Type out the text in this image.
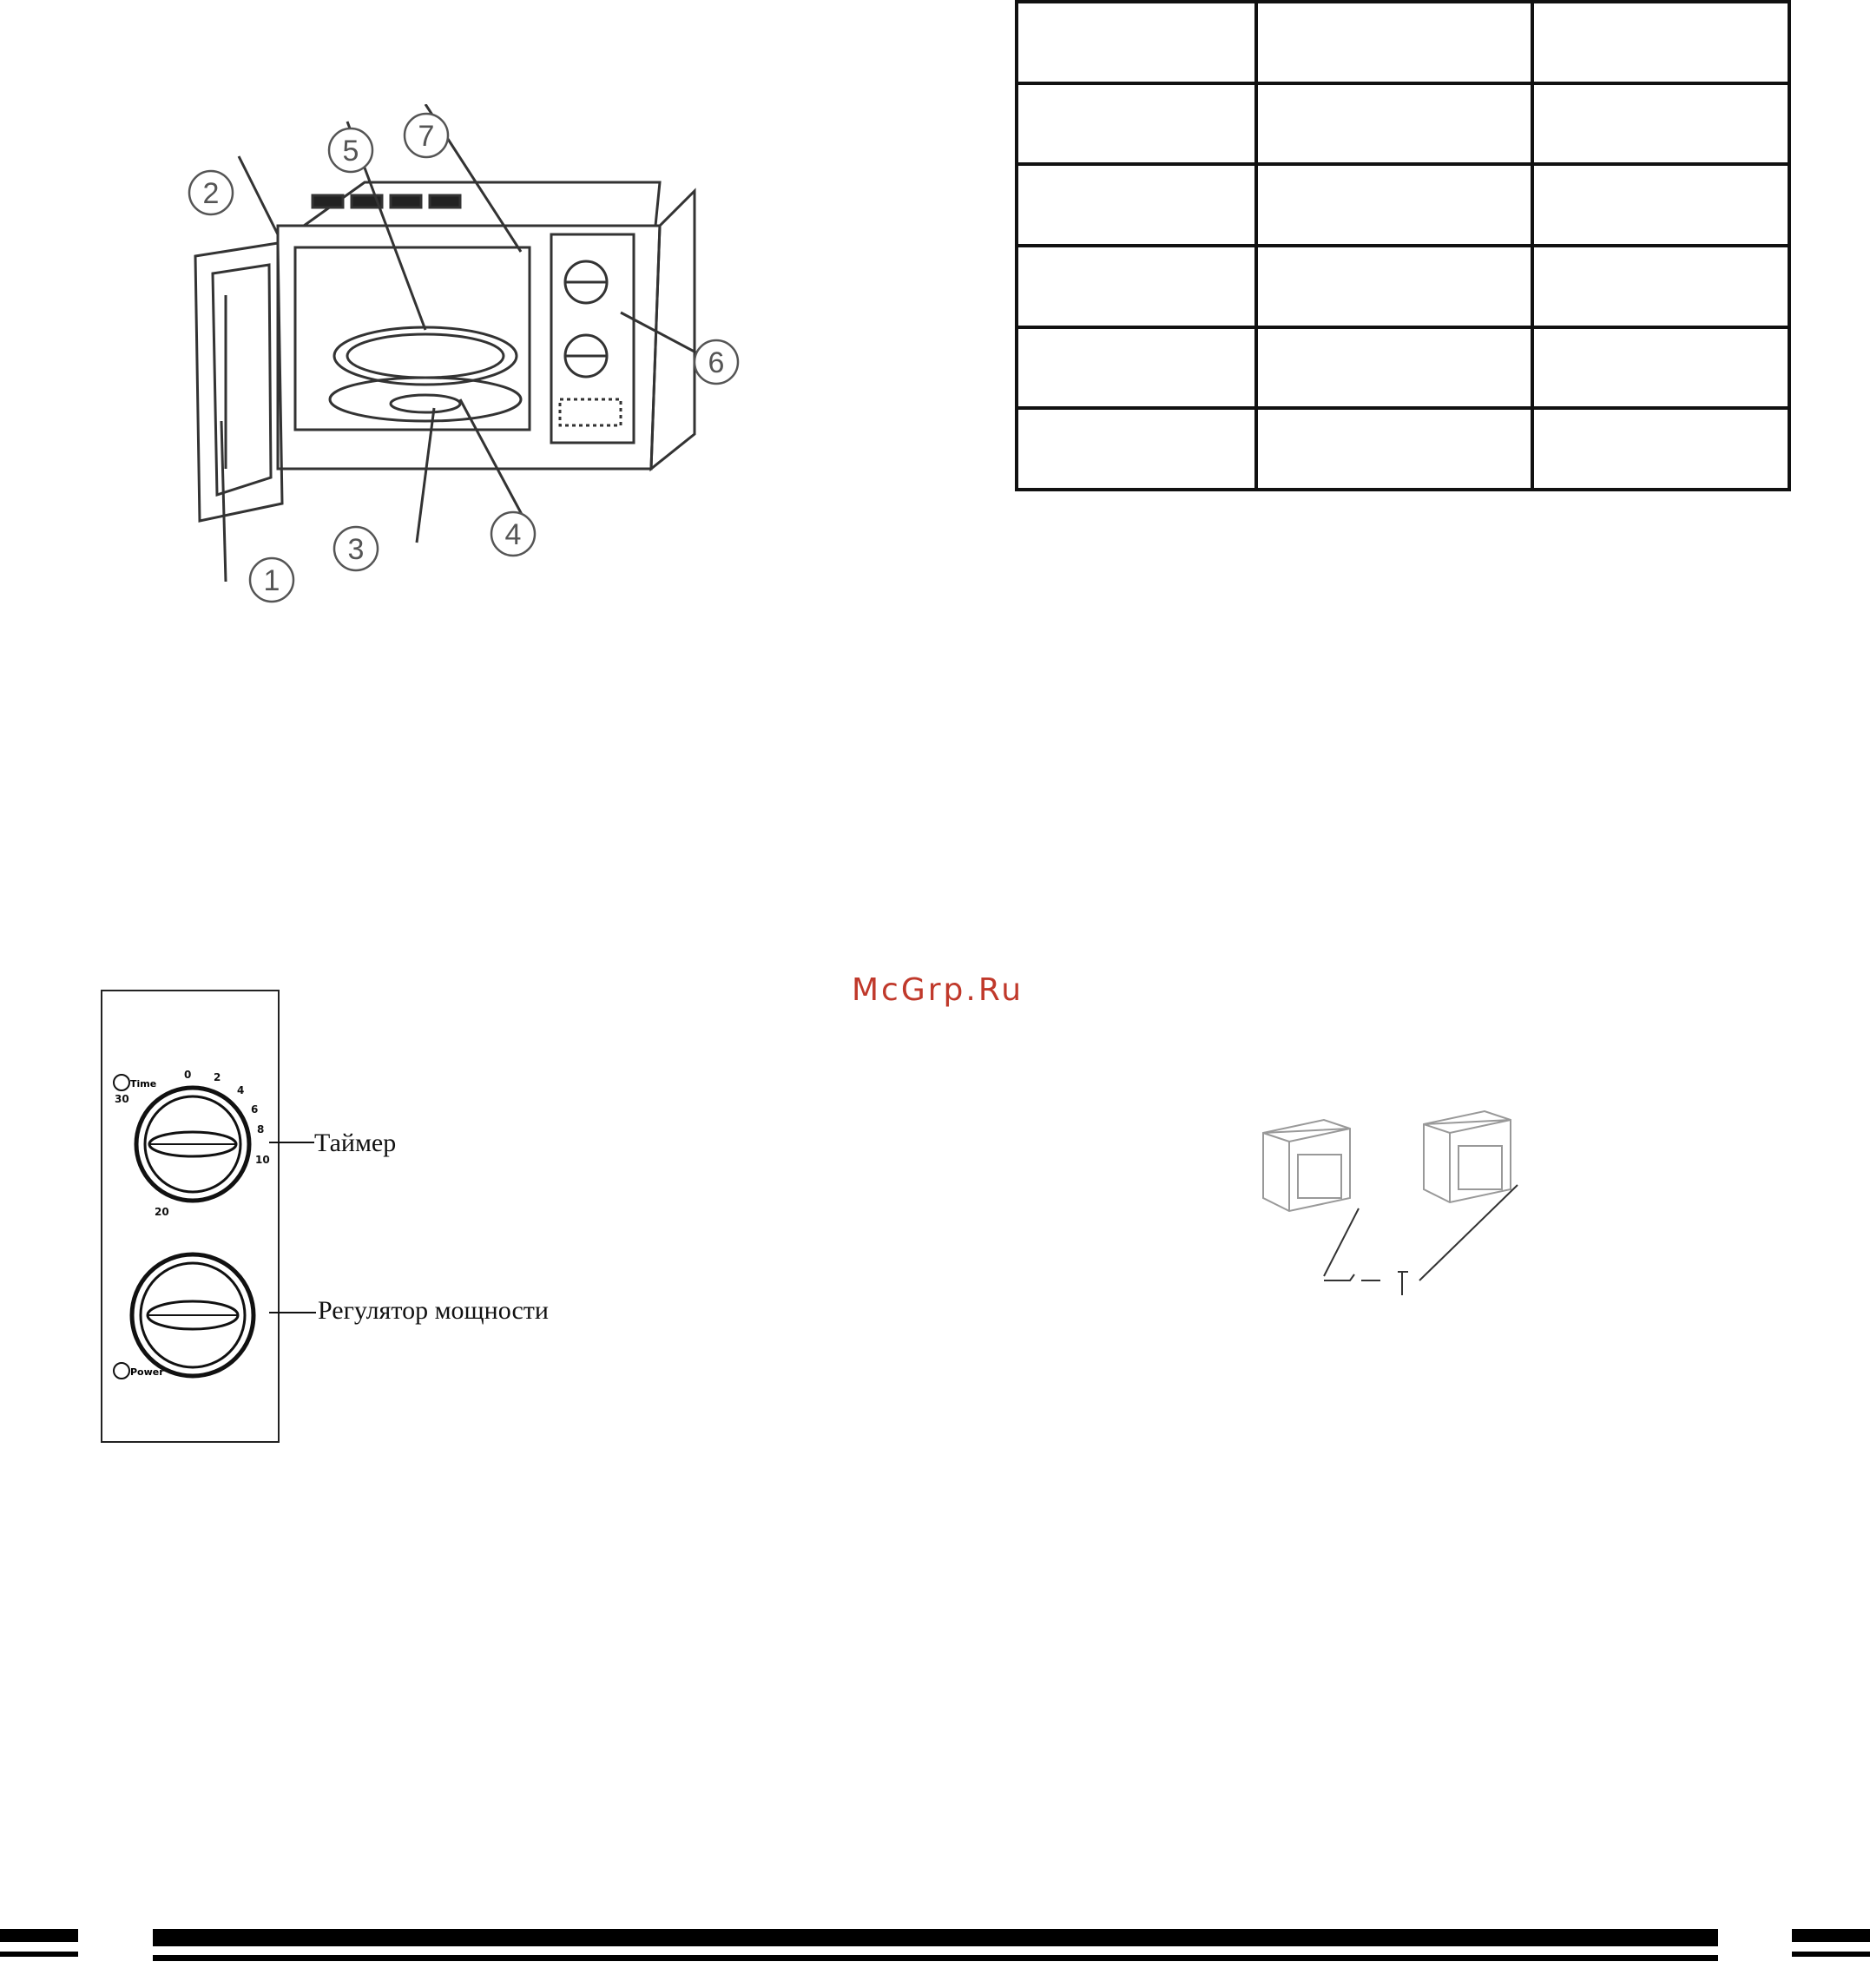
1
2
3	4
5
6
7

McGrp.Ru
Time
0 2
4
6
8
10
30
20
Power
Таймер
Регулятор мощности
